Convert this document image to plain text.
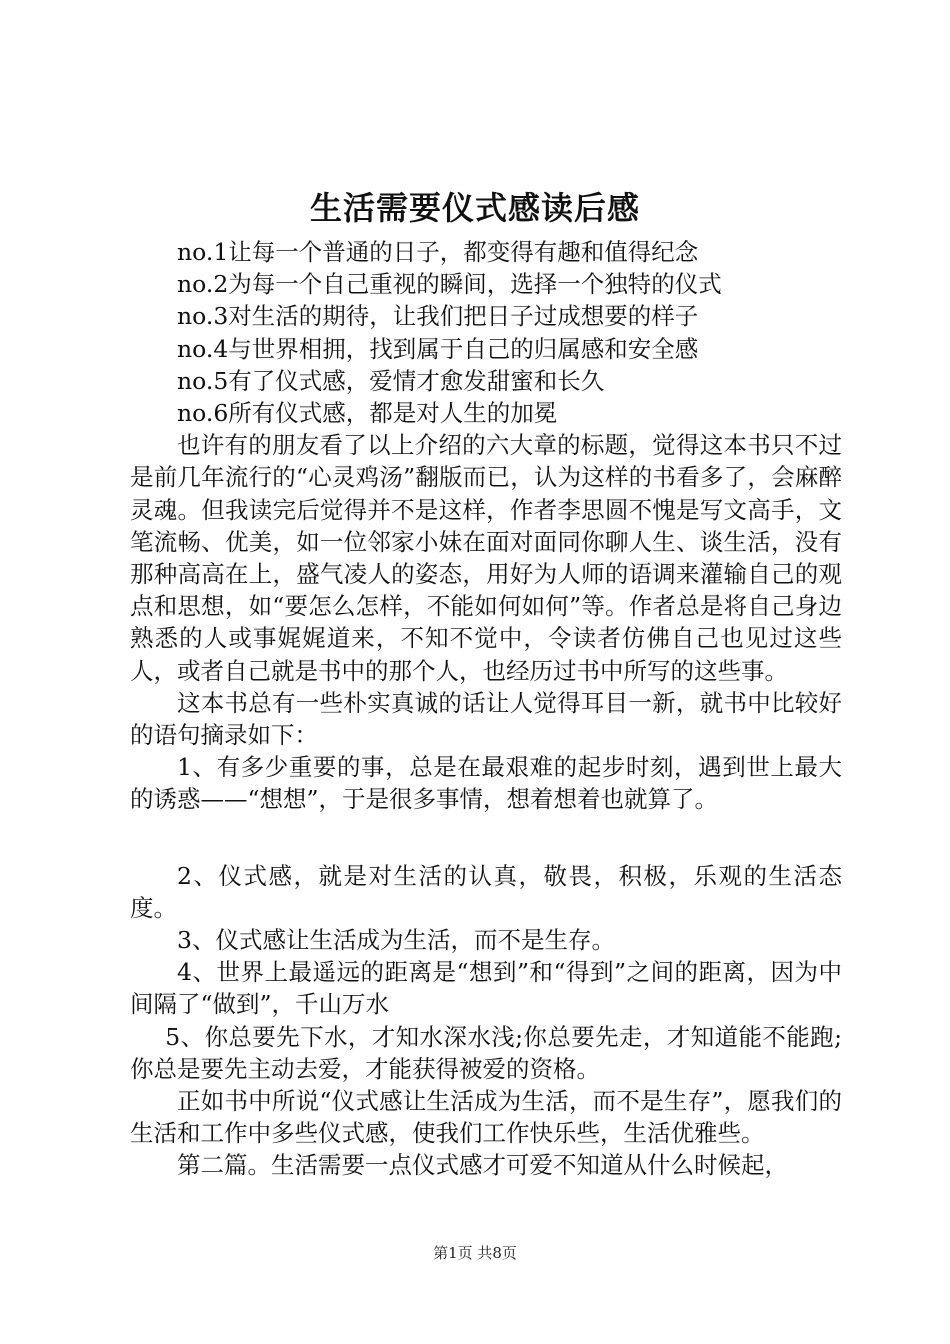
生活需要仪式感读后感

no.1让每一个普通的日子，都变得有趣和值得纪念

no.2为每一个自己重视的瞬间，选择一个独特的仪式

no.3对生活的期待，让我们把日子过成想要的样子

no.4与世界相拥，找到属于自己的归属感和安全感

no.5有了仪式感，爱情才愈发甜蜜和长久

no.6所有仪式感，都是对人生的加冕

也许有的朋友看了以上介绍的六大章的标题，觉得这本书只不过是前几年流行的“心灵鸡汤”翻版而已，认为这样的书看多了，会麻醉灵魂。但我读完后觉得并不是这样，作者李思圆不愧是写文高手，文笔流畅、优美，如一位邻家小妹在面对面同你聊人生、谈生活，没有那种高高在上，盛气凌人的姿态，用好为人师的语调来灌输自己的观点和思想，如“要怎么怎样，不能如何如何”等。作者总是将自己身边熟悉的人或事娓娓道来，不知不觉中，令读者仿佛自己也见过这些人，或者自己就是书中的那个人，也经历过书中所写的这些事。

这本书总有一些朴实真诚的话让人觉得耳目一新，就书中比较好的语句摘录如下：

1、有多少重要的事，总是在最艰难的起步时刻，遇到世上最大的诱惑——“想想”，于是很多事情，想着想着也就算了。

2、仪式感，就是对生活的认真，敬畏，积极，乐观的生活态度。

3、仪式感让生活成为生活，而不是生存。

4、世界上最遥远的距离是“想到”和“得到”之间的距离，因为中间隔了“做到”，千山万水

5、你总要先下水，才知水深水浅;你总要先走，才知道能不能跑;你总是要先主动去爱，才能获得被爱的资格。

正如书中所说“仪式感让生活成为生活，而不是生存”，愿我们的生活和工作中多些仪式感，使我们工作快乐些，生活优雅些。

第二篇。生活需要一点仪式感才可爱不知道从什么时候起，

第1页 共8页
